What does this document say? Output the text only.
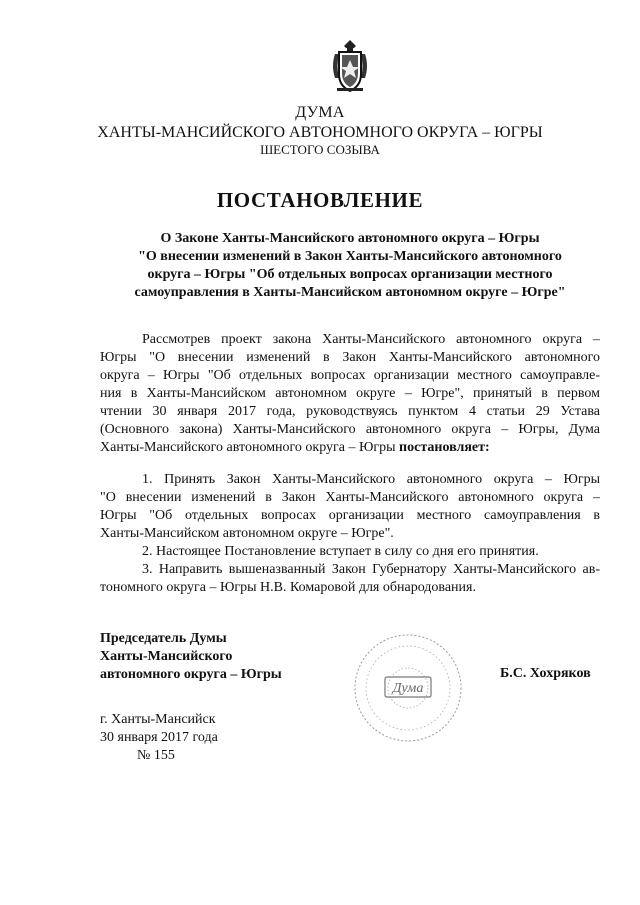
ДУМА
ХАНТЫ-МАНСИЙСКОГО АВТОНОМНОГО ОКРУГА – ЮГРЫ
ШЕСТОГО СОЗЫВА
ПОСТАНОВЛЕНИЕ
О Законе Ханты-Мансийского автономного округа – Югры
"О внесении изменений в Закон Ханты-Мансийского автономного
округа – Югры "Об отдельных вопросах организации местного
самоуправления в Ханты-Мансийском автономном округе – Югре"
Рассмотрев проект закона Ханты-Мансийского автономного округа –
Югры "О внесении изменений в Закон Ханты-Мансийского автономного
округа – Югры "Об отдельных вопросах организации местного самоуправле-
ния в Ханты-Мансийском автономном округе – Югре", принятый в первом
чтении 30 января 2017 года, руководствуясь пунктом 4 статьи 29 Устава
(Основного закона) Ханты-Мансийского автономного округа – Югры, Дума
Ханты-Мансийского автономного округа – Югры постановляет:
1. Принять Закон Ханты-Мансийского автономного округа – Югры
"О внесении изменений в Закон Ханты-Мансийского автономного округа –
Югры "Об отдельных вопросах организации местного самоуправления в
Ханты-Мансийском автономном округе – Югре".
2. Настоящее Постановление вступает в силу со дня его принятия.
3. Направить вышеназванный Закон Губернатору Ханты-Мансийского ав-
тономного округа – Югры Н.В. Комаровой для обнародования.
Председатель Думы
Ханты-Мансийского
автономного округа – Югры
Дума
Б.С. Хохряков
г. Ханты-Мансийск
30 января 2017 года
№ 155
